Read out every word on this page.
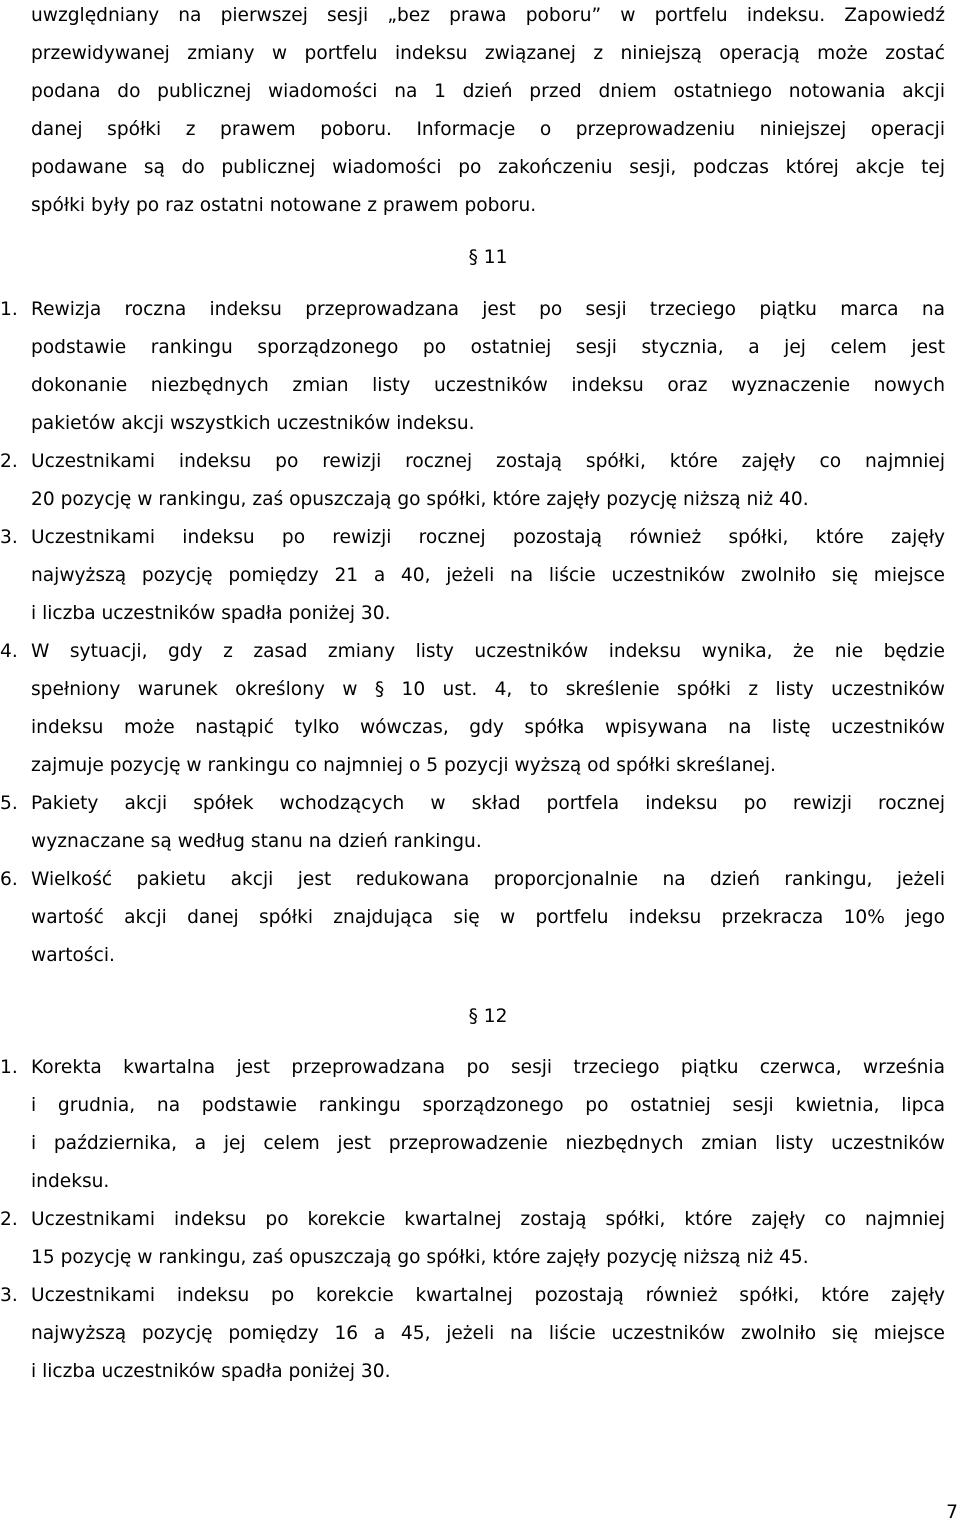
uwzględniany na pierwszej sesji „bez prawa poboru” w portfelu indeksu. Zapowiedź
przewidywanej zmiany w portfelu indeksu związanej z niniejszą operacją może zostać
podana do publicznej wiadomości na 1 dzień przed dniem ostatniego notowania akcji
danej spółki z prawem poboru. Informacje o przeprowadzeniu niniejszej operacji
podawane są do publicznej wiadomości po zakończeniu sesji, podczas której akcje tej
spółki były po raz ostatni notowane z prawem poboru.
§ 11
1. Rewizja roczna indeksu przeprowadzana jest po sesji trzeciego piątku marca na
podstawie rankingu sporządzonego po ostatniej sesji stycznia, a jej celem jest
dokonanie niezbędnych zmian listy uczestników indeksu oraz wyznaczenie nowych
pakietów akcji wszystkich uczestników indeksu.
2. Uczestnikami indeksu po rewizji rocznej zostają spółki, które zajęły co najmniej
20 pozycję w rankingu, zaś opuszczają go spółki, które zajęły pozycję niższą niż 40.
3. Uczestnikami indeksu po rewizji rocznej pozostają również spółki, które zajęły
najwyższą pozycję pomiędzy 21 a 40, jeżeli na liście uczestników zwolniło się miejsce
i liczba uczestników spadła poniżej 30.
4. W sytuacji, gdy z zasad zmiany listy uczestników indeksu wynika, że nie będzie
spełniony warunek określony w § 10 ust. 4, to skreślenie spółki z listy uczestników
indeksu może nastąpić tylko wówczas, gdy spółka wpisywana na listę uczestników
zajmuje pozycję w rankingu co najmniej o 5 pozycji wyższą od spółki skreślanej.
5. Pakiety akcji spółek wchodzących w skład portfela indeksu po rewizji rocznej
wyznaczane są według stanu na dzień rankingu.
6. Wielkość pakietu akcji jest redukowana proporcjonalnie na dzień rankingu, jeżeli
wartość akcji danej spółki znajdująca się w portfelu indeksu przekracza 10% jego
wartości.
§ 12
1. Korekta kwartalna jest przeprowadzana po sesji trzeciego piątku czerwca, września
i grudnia, na podstawie rankingu sporządzonego po ostatniej sesji kwietnia, lipca
i października, a jej celem jest przeprowadzenie niezbędnych zmian listy uczestników
indeksu.
2. Uczestnikami indeksu po korekcie kwartalnej zostają spółki, które zajęły co najmniej
15 pozycję w rankingu, zaś opuszczają go spółki, które zajęły pozycję niższą niż 45.
3. Uczestnikami indeksu po korekcie kwartalnej pozostają również spółki, które zajęły
najwyższą pozycję pomiędzy 16 a 45, jeżeli na liście uczestników zwolniło się miejsce
i liczba uczestników spadła poniżej 30.
7
